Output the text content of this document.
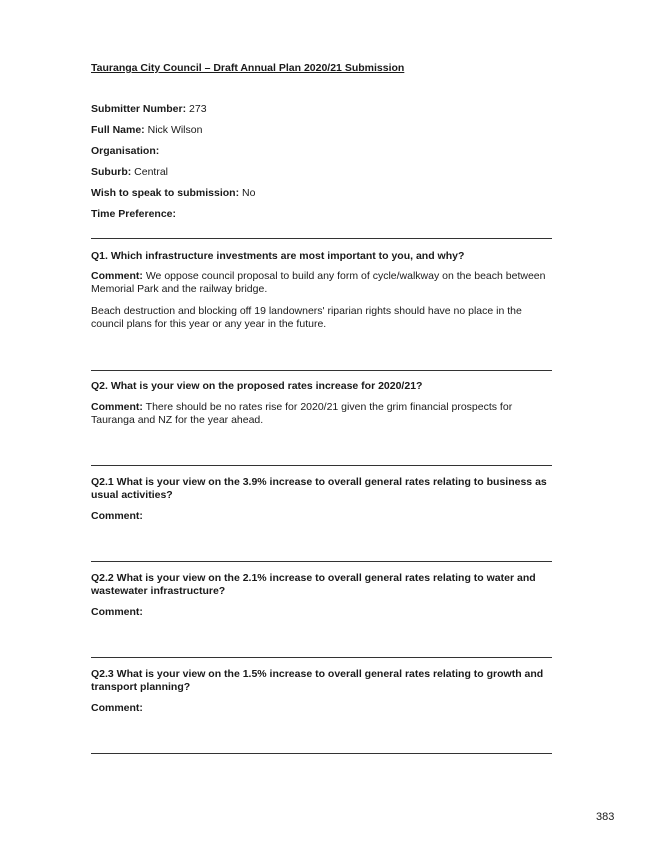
Tauranga City Council – Draft Annual Plan 2020/21 Submission
Submitter Number: 273
Full Name: Nick Wilson
Organisation:
Suburb: Central
Wish to speak to submission: No
Time Preference:
Q1. Which infrastructure investments are most important to you, and why?
Comment: We oppose council proposal to build any form of cycle/walkway on the beach between Memorial Park and the railway bridge.
Beach destruction and blocking off 19 landowners' riparian rights should have no place in the council plans for this year or any year in the future.
Q2. What is your view on the proposed rates increase for 2020/21?
Comment: There should be no rates rise for 2020/21 given the grim financial prospects for Tauranga and NZ for the year ahead.
Q2.1 What is your view on the 3.9% increase to overall general rates relating to business as usual activities?
Comment:
Q2.2 What is your view on the 2.1% increase to overall general rates relating to water and wastewater infrastructure?
Comment:
Q2.3 What is your view on the 1.5% increase to overall general rates relating to growth and transport planning?
Comment:
383
